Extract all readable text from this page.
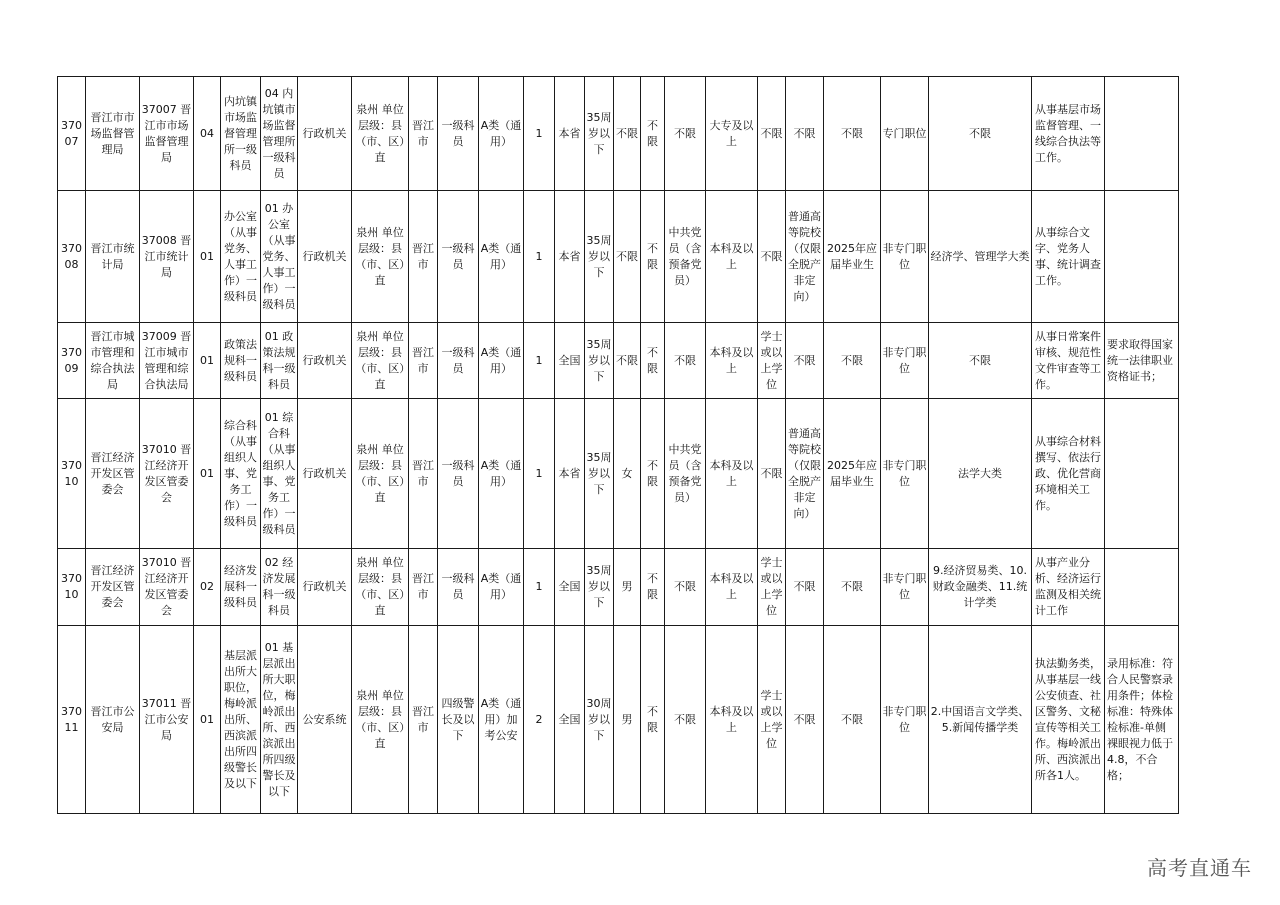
37007	晋江市市场监督管理局	37007 晋江市市场监督管理局	04	内坑镇市场监督管理所一级科员	04 内坑镇市场监督管理所一级科员	行政机关	泉州 单位层级：县（市、区）直	晋江市	一级科员	A类（通用）	1	本省	35周岁以下	不限	不限	不限	大专及以上	不限	不限	不限	专门职位	不限	从事基层市场监督管理、一线综合执法等工作。	
37008	晋江市统计局	37008 晋江市统计局	01	办公室（从事党务、人事工作）一级科员	01 办公室（从事党务、人事工作）一级科员	行政机关	泉州 单位层级：县（市、区）直	晋江市	一级科员	A类（通用）	1	本省	35周岁以下	不限	不限	中共党员（含预备党员）	本科及以上	不限	普通高等院校（仅限全脱产非定向）	2025年应届毕业生	非专门职位	经济学、管理学大类	从事综合文字、党务人事、统计调查工作。	
37009	晋江市城市管理和综合执法局	37009 晋江市城市管理和综合执法局	01	政策法规科一级科员	01 政策法规科一级科员	行政机关	泉州 单位层级：县（市、区）直	晋江市	一级科员	A类（通用）	1	全国	35周岁以下	不限	不限	不限	本科及以上	学士或以上学位	不限	不限	非专门职位	不限	从事日常案件审核、规范性文件审查等工作。	要求取得国家统一法律职业资格证书；
37010	晋江经济开发区管委会	37010 晋江经济开发区管委会	01	综合科（从事组织人事、党务工作）一级科员	01 综合科（从事组织人事、党务工作）一级科员	行政机关	泉州 单位层级：县（市、区）直	晋江市	一级科员	A类（通用）	1	本省	35周岁以下	女	不限	中共党员（含预备党员）	本科及以上	不限	普通高等院校（仅限全脱产非定向）	2025年应届毕业生	非专门职位	法学大类	从事综合材料撰写、依法行政、优化营商环境相关工作。	
37010	晋江经济开发区管委会	37010 晋江经济开发区管委会	02	经济发展科一级科员	02 经济发展科一级科员	行政机关	泉州 单位层级：县（市、区）直	晋江市	一级科员	A类（通用）	1	全国	35周岁以下	男	不限	不限	本科及以上	学士或以上学位	不限	不限	非专门职位	9.经济贸易类、10.财政金融类、11.统计学类	从事产业分析、经济运行监测及相关统计工作	
37011	晋江市公安局	37011 晋江市公安局	01	基层派出所大职位，梅岭派出所、西滨派出所四级警长及以下	01 基层派出所大职位，梅岭派出所、西滨派出所四级警长及以下	公安系统	泉州 单位层级：县（市、区）直	晋江市	四级警长及以下	A类（通用）加考公安	2	全国	30周岁以下	男	不限	不限	本科及以上	学士或以上学位	不限	不限	非专门职位	2.中国语言文学类、5.新闻传播学类	执法勤务类，从事基层一线公安侦查、社区警务、文秘宣传等相关工作。梅岭派出所、西滨派出所各1人。	录用标准：符合人民警察录用条件；体检标准：特殊体检标准-单侧裸眼视力低于4.8，不合格；
高考直通车
